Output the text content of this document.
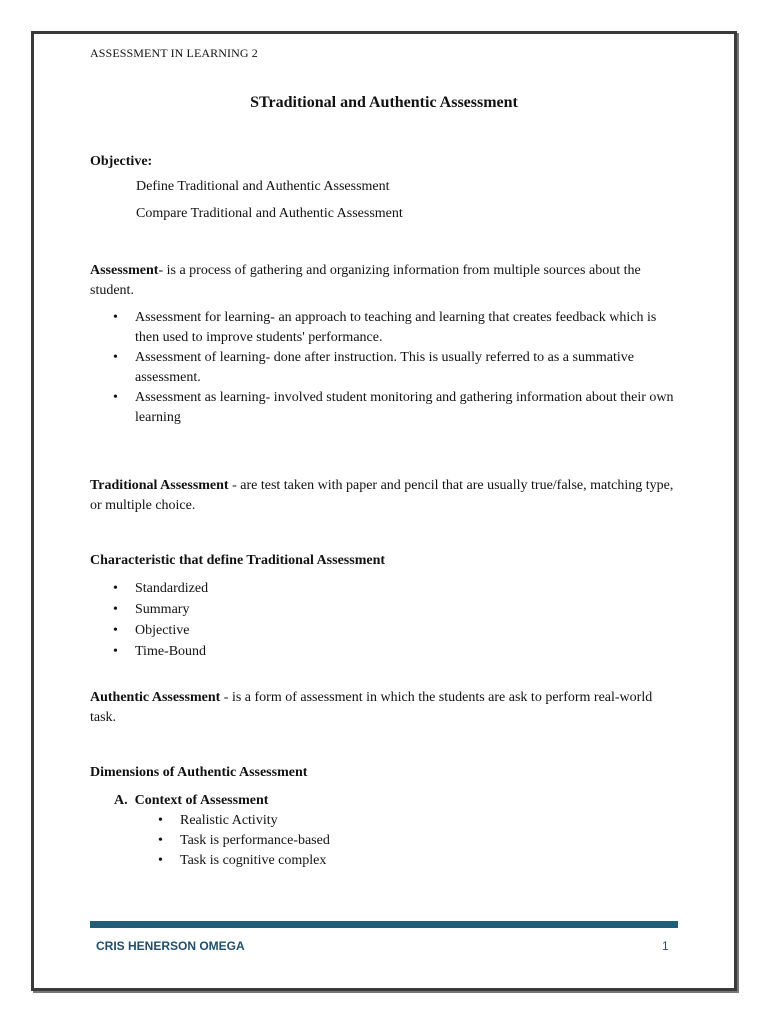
ASSESSMENT IN LEARNING 2
STraditional and Authentic Assessment
Objective:
Define Traditional and Authentic Assessment
Compare Traditional and Authentic Assessment
Assessment- is a process of gathering and organizing information from multiple sources about the student.
• Assessment for learning- an approach to teaching and learning that creates feedback which is then used to improve students' performance.
• Assessment of learning- done after instruction. This is usually referred to as a summative assessment.
• Assessment as learning- involved student monitoring and gathering information about their own learning
Traditional Assessment - are test taken with paper and pencil that are usually true/false, matching type, or multiple choice.
Characteristic that define Traditional Assessment
• Standardized
• Summary
• Objective
• Time-Bound
Authentic Assessment - is a form of assessment in which the students are ask to perform real-world task.
Dimensions of Authentic Assessment
A. Context of Assessment
• Realistic Activity
• Task is performance-based
• Task is cognitive complex
CRIS HENERSON OMEGA	1
